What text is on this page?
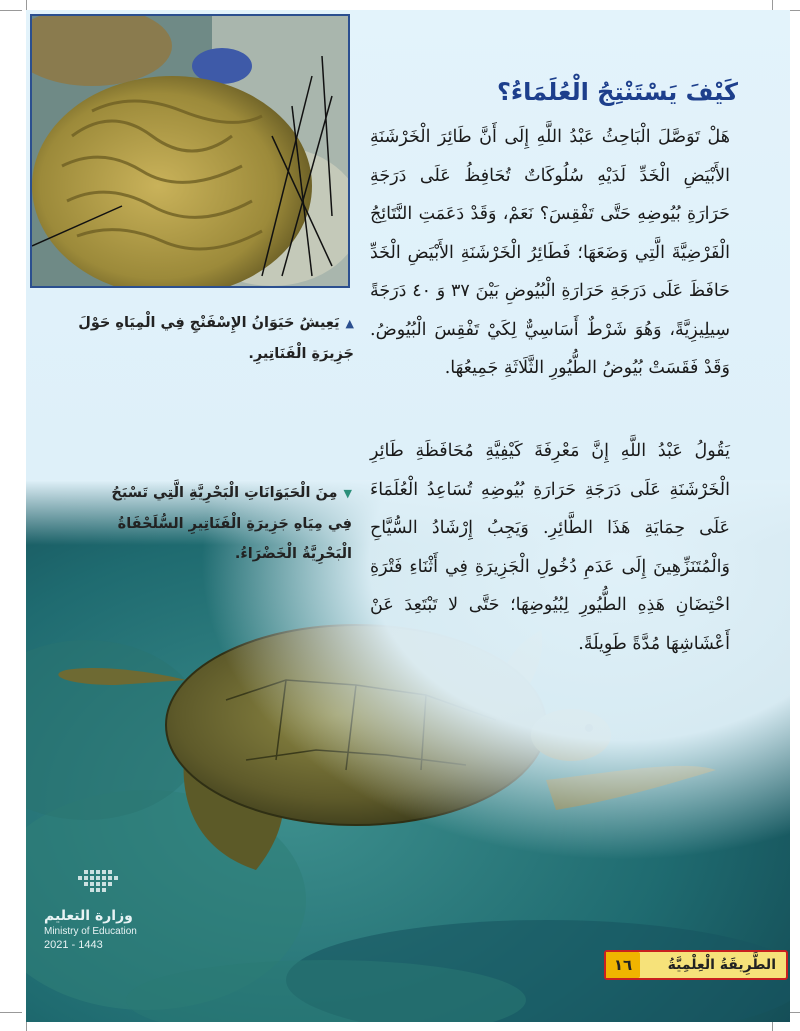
كَيْفَ يَسْتَنْتِجُ الْعُلَمَاءُ؟
هَلْ تَوَصَّلَ الْبَاحِثُ عَبْدُ اللَّهِ إِلَى أَنَّ طَائِرَ الْخَرْشَنَةِ الأَبْيَضِ الْخَدِّ لَدَيْهِ سُلُوكَاتٌ تُحَافِظُ عَلَى دَرَجَةِ حَرَارَةِ بُيُوضِهِ حَتَّى تَفْقِسَ؟ نَعَمْ، وَقَدْ دَعَمَتِ النَّتَائِجُ الْفَرْضِيَّةَ الَّتِي وَضَعَهَا؛ فَطَائِرُ الْخَرْشَنَةِ الأَبْيَضِ الْخَدِّ حَافَظَ عَلَى دَرَجَةِ حَرَارَةِ الْبُيُوضِ بَيْنَ ٣٧ وَ ٤٠ دَرَجَةً سِيلِيزِيَّةً، وَهُوَ شَرْطٌ أَسَاسِيٌّ لِكَيْ تَفْقِسَ الْبُيُوضُ. وَقَدْ فَقَسَتْ بُيُوضُ الطُّيُورِ الثَّلَاثَةِ جَمِيعُهَا.
يَقُولُ عَبْدُ اللَّهِ إِنَّ مَعْرِفَةَ كَيْفِيَّةِ مُحَافَظَةِ طَائِرِ الْخَرْشَنَةِ عَلَى دَرَجَةِ حَرَارَةِ بُيُوضِهِ تُسَاعِدُ الْعُلَمَاءَ عَلَى حِمَايَةِ هَذَا الطَّائِرِ. وَيَجِبُ إِرْشَادُ السُّيَّاحِ وَالْمُتَنَزِّهِينَ إِلَى عَدَمِ دُخُولِ الْجَزِيرَةِ فِي أَثْنَاءِ فَتْرَةِ احْتِضَانِ هَذِهِ الطُّيُورِ لِبُيُوضِهَا؛ حَتَّى لا تَبْتَعِدَ عَنْ أَعْشَاشِهَا مُدَّةً طَوِيلَةً.
▲يَعِيشُ حَيَوَانُ الإِسْفَنْجِ فِي الْمِيَاهِ حَوْلَ جَزِيرَةِ الْفَنَاتِيرِ.
▼مِنَ الْحَيَوَانَاتِ الْبَحْرِيَّةِ الَّتِي تَسْبَحُ فِي مِيَاهِ جَزِيرَةِ الْفَنَاتِيرِ السُّلَحْفَاةُ الْبَحْرِيَّةُ الْخَضْرَاءُ.
وزارة التعليم
Ministry of Education
2021 - 1443
الطَّرِيقَةُ الْعِلْمِيَّةُ
١٦
